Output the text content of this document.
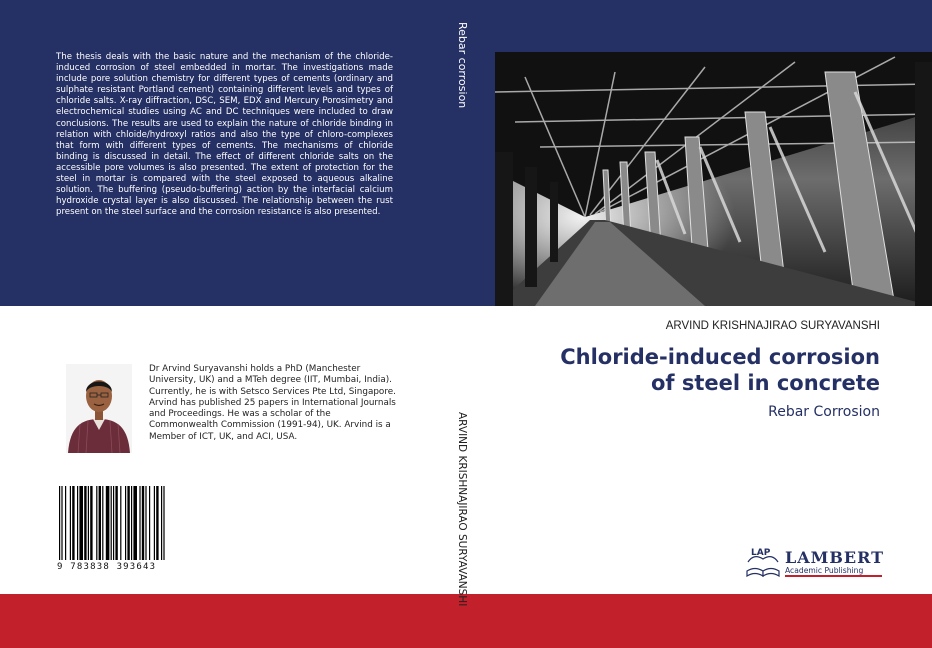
The thesis deals with the basic nature and the mechanism of the chloride-induced corrosion of steel embedded in mortar. The investigations made include pore solution chemistry for different types of cements (ordinary and sulphate resistant Portland cement) containing different levels and types of chloride salts. X-ray diffraction, DSC, SEM, EDX and Mercury Porosimetry and electrochemical studies using AC and DC techniques were included to draw conclusions. The results are used to explain the nature of chloride binding in relation with chloide/hydroxyl ratios and also the type of chloro-complexes that form with different types of cements. The mechanisms of chloride binding is discussed in detail. The effect of different chloride salts on the accessible pore volumes is also presented. The extent of protection for the steel in mortar is compared with the steel exposed to aqueous alkaline solution. The buffering (pseudo-buffering) action by the interfacial calcium hydroxide crystal layer is also discussed. The relationship between the rust present on the steel surface and the corrosion resistance is also presented.

Rebar corrosion
ARVIND KRISHNAJIRAO SURYAVANSHI
ARVIND KRISHNAJIRAO SURYAVANSHI
Chloride-induced corrosion
of steel in concrete
Rebar Corrosion

Dr Arvind Suryavanshi holds a PhD (Manchester University, UK) and a MTeh degree (IIT, Mumbai, India). Currently, he is with Setsco Services Pte Ltd, Singapore. Arvind has published 25 papers in International Journals and Proceedings. He was a scholar of the Commonwealth Commission (1991-94), UK. Arvind is a Member of ICT, UK, and ACI, USA.

9 783838 393643
LAP LAMBERT
Academic Publishing
